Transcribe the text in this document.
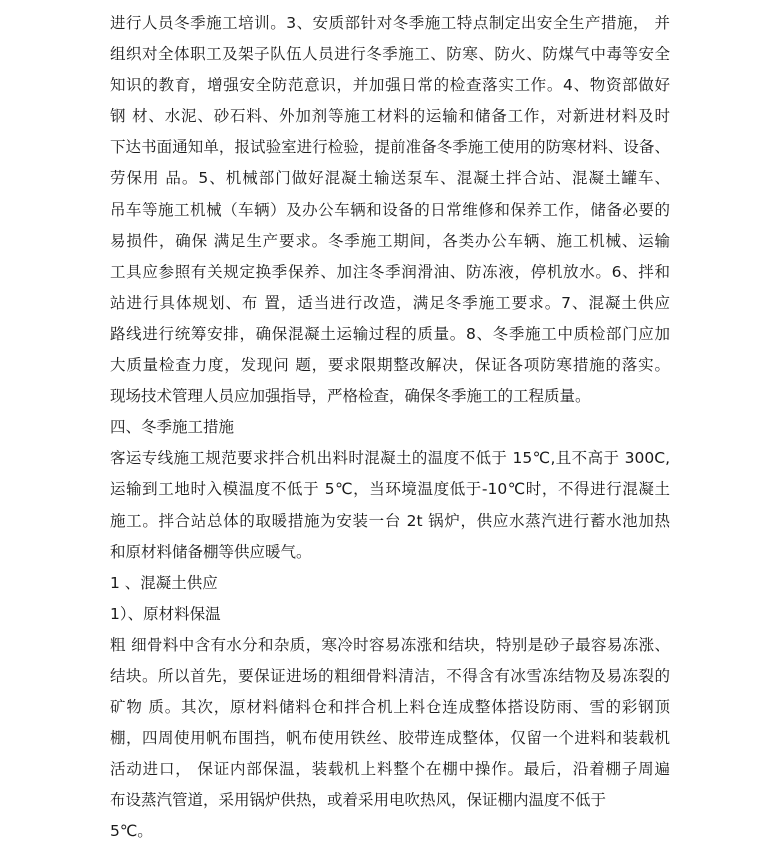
进行人员冬季施工培训。3、安质部针对冬季施工特点制定出安全生产措施， 并
组织对全体职工及架子队伍人员进行冬季施工、防寒、防火、防煤气中毒等安全
知识的教育，增强安全防范意识，并加强日常的检查落实工作。4、物资部做好
钢 材、水泥、砂石料、外加剂等施工材料的运输和储备工作，对新进材料及时
下达书面通知单，报试验室进行检验，提前准备冬季施工使用的防寒材料、设备、
劳保用 品。5、机械部门做好混凝土输送泵车、混凝土拌合站、混凝土罐车、
吊车等施工机械（车辆）及办公车辆和设备的日常维修和保养工作，储备必要的
易损件，确保 满足生产要求。冬季施工期间，各类办公车辆、施工机械、运输
工具应参照有关规定换季保养、加注冬季润滑油、防冻液，停机放水。6、拌和
站进行具体规划、布 置，适当进行改造，满足冬季施工要求。7、混凝土供应
路线进行统筹安排，确保混凝土运输过程的质量。8、冬季施工中质检部门应加
大质量检查力度，发现问 题，要求限期整改解决，保证各项防寒措施的落实。
现场技术管理人员应加强指导，严格检查，确保冬季施工的工程质量。
四、冬季施工措施
客运专线施工规范要求拌合机出料时混凝土的温度不低于 15℃,且不高于 300C,
运输到工地时入模温度不低于 5℃，当环境温度低于-10℃时，不得进行混凝土
施工。拌合站总体的取暖措施为安装一台 2t 锅炉，供应水蒸汽进行蓄水池加热
和原材料储备棚等供应暖气。
1 、混凝土供应
1）、原材料保温
粗 细骨料中含有水分和杂质，寒冷时容易冻涨和结块，特别是砂子最容易冻涨、
结块。所以首先，要保证进场的粗细骨料清洁，不得含有冰雪冻结物及易冻裂的
矿物 质。其次，原材料储料仓和拌合机上料仓连成整体搭设防雨、雪的彩钢顶
棚，四周使用帆布围挡，帆布使用铁丝、胶带连成整体，仅留一个进料和装载机
活动进口， 保证内部保温，装载机上料整个在棚中操作。最后，沿着棚子周遍
布设蒸汽管道，采用锅炉供热，或着采用电吹热风，保证棚内温度不低于
5℃。
